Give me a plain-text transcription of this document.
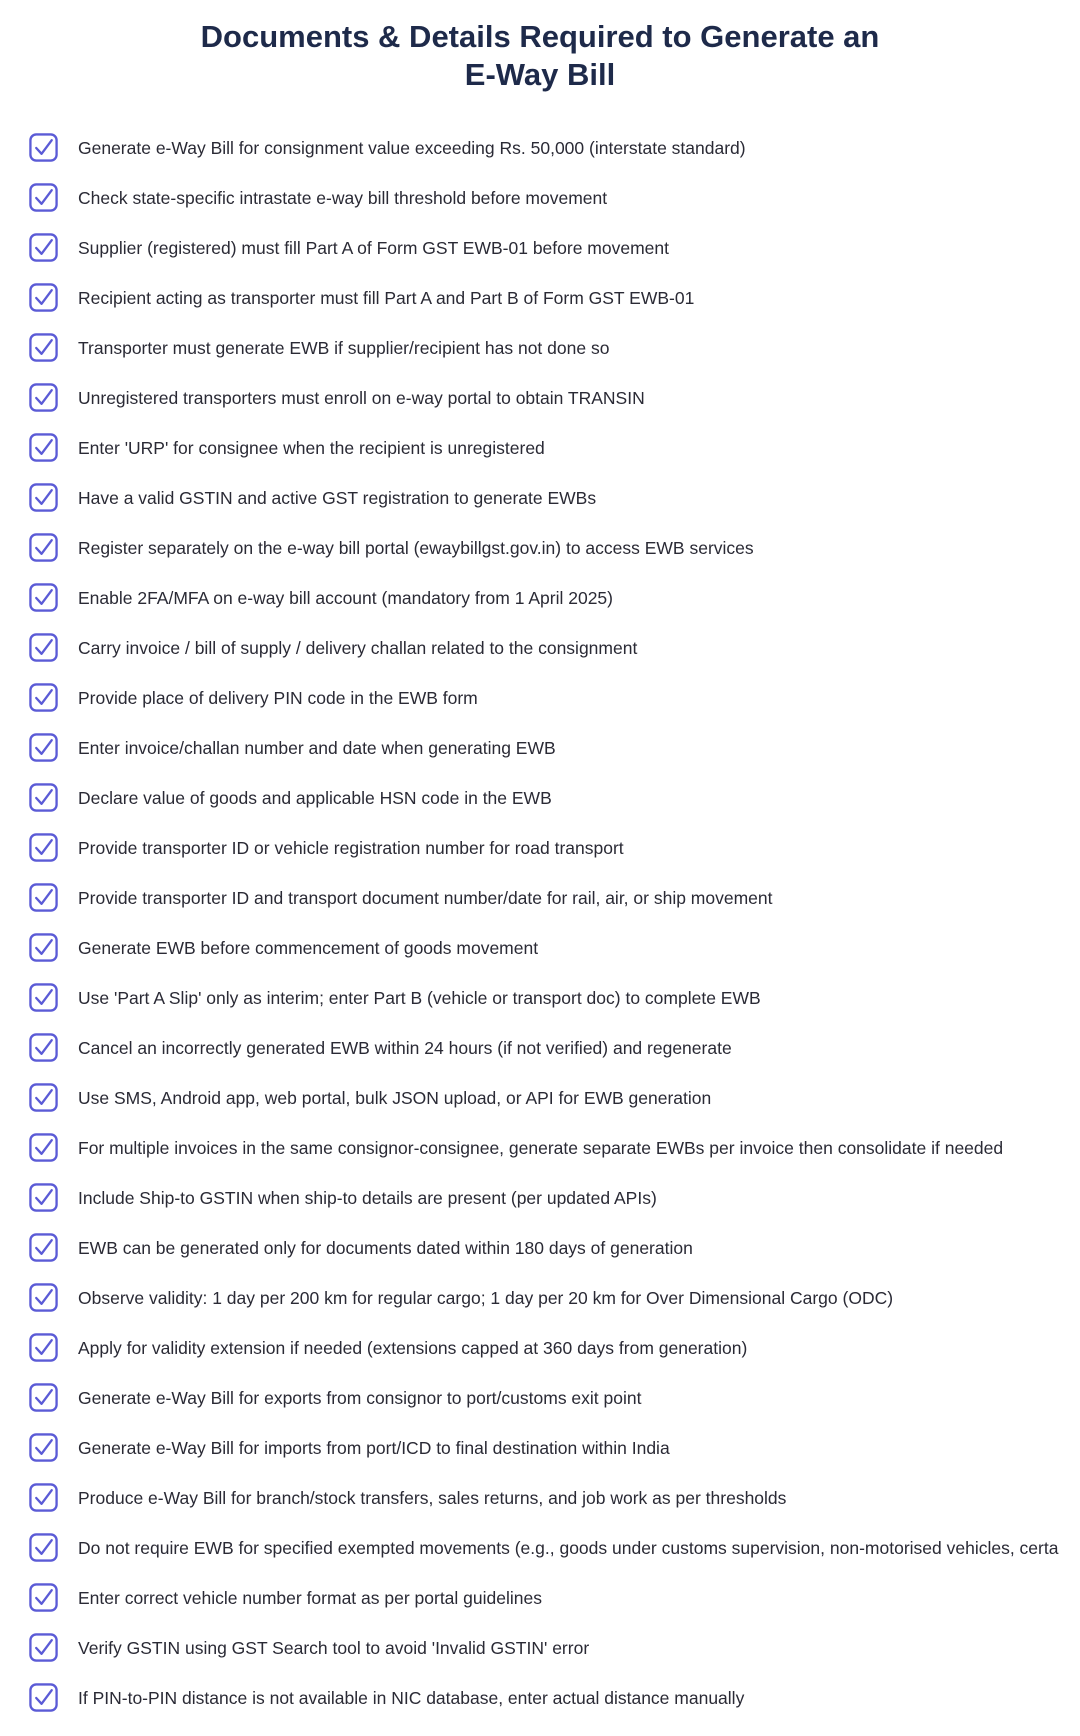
Documents & Details Required to Generate an
E-Way Bill
Generate e-Way Bill for consignment value exceeding Rs. 50,000 (interstate standard)
Check state-specific intrastate e-way bill threshold before movement
Supplier (registered) must fill Part A of Form GST EWB-01 before movement
Recipient acting as transporter must fill Part A and Part B of Form GST EWB-01
Transporter must generate EWB if supplier/recipient has not done so
Unregistered transporters must enroll on e-way portal to obtain TRANSIN
Enter 'URP' for consignee when the recipient is unregistered
Have a valid GSTIN and active GST registration to generate EWBs
Register separately on the e-way bill portal (ewaybillgst.gov.in) to access EWB services
Enable 2FA/MFA on e-way bill account (mandatory from 1 April 2025)
Carry invoice / bill of supply / delivery challan related to the consignment
Provide place of delivery PIN code in the EWB form
Enter invoice/challan number and date when generating EWB
Declare value of goods and applicable HSN code in the EWB
Provide transporter ID or vehicle registration number for road transport
Provide transporter ID and transport document number/date for rail, air, or ship movement
Generate EWB before commencement of goods movement
Use 'Part A Slip' only as interim; enter Part B (vehicle or transport doc) to complete EWB
Cancel an incorrectly generated EWB within 24 hours (if not verified) and regenerate
Use SMS, Android app, web portal, bulk JSON upload, or API for EWB generation
For multiple invoices in the same consignor-consignee, generate separate EWBs per invoice then consolidate if needed
Include Ship-to GSTIN when ship-to details are present (per updated APIs)
EWB can be generated only for documents dated within 180 days of generation
Observe validity: 1 day per 200 km for regular cargo; 1 day per 20 km for Over Dimensional Cargo (ODC)
Apply for validity extension if needed (extensions capped at 360 days from generation)
Generate e-Way Bill for exports from consignor to port/customs exit point
Generate e-Way Bill for imports from port/ICD to final destination within India
Produce e-Way Bill for branch/stock transfers, sales returns, and job work as per thresholds
Do not require EWB for specified exempted movements (e.g., goods under customs supervision, non-motorised vehicles, certa
Enter correct vehicle number format as per portal guidelines
Verify GSTIN using GST Search tool to avoid 'Invalid GSTIN' error
If PIN-to-PIN distance is not available in NIC database, enter actual distance manually
